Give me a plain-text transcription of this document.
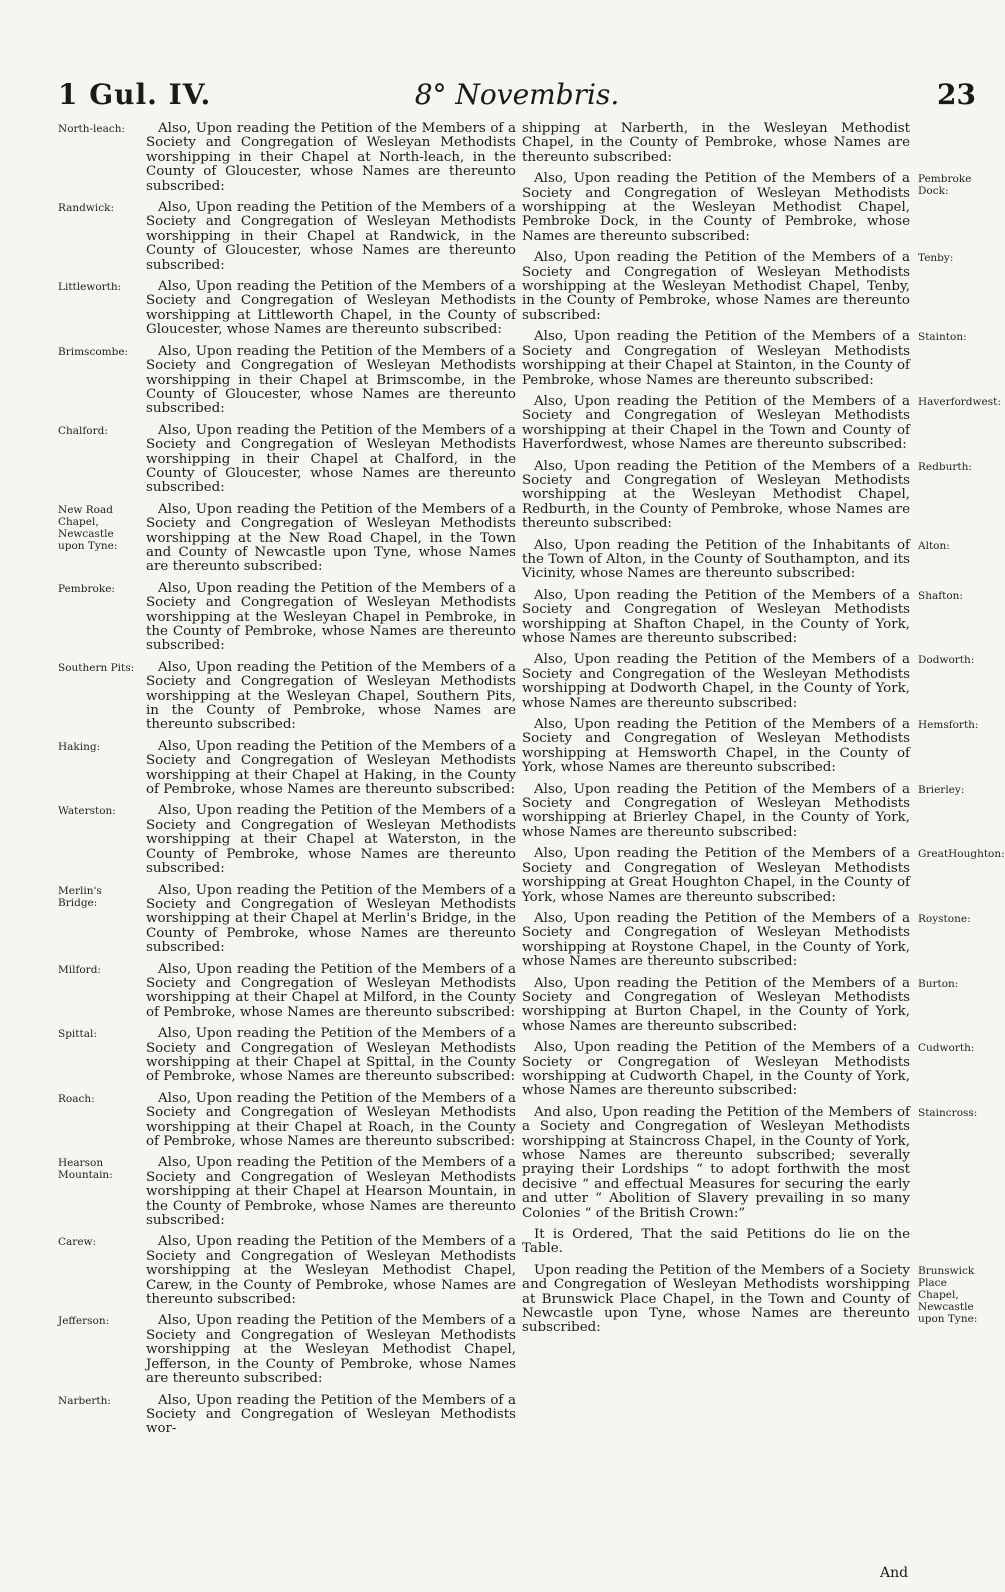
1 Gul. IV.	8° Novembris.	23
North-leach:	Also, Upon reading the Petition of the Members of a Society and Congregation of Wesleyan Methodists worshipping in their Chapel at North-leach, in the County of Gloucester, whose Names are thereunto subscribed:
Randwick:	Also, Upon reading the Petition of the Members of a Society and Congregation of Wesleyan Methodists worshipping in their Chapel at Randwick, in the County of Gloucester, whose Names are thereunto subscribed:
Littleworth:	Also, Upon reading the Petition of the Members of a Society and Congregation of Wesleyan Methodists worshipping at Littleworth Chapel, in the County of Gloucester, whose Names are thereunto subscribed:
Brimscombe:	Also, Upon reading the Petition of the Members of a Society and Congregation of Wesleyan Methodists worshipping in their Chapel at Brimscombe, in the County of Gloucester, whose Names are thereunto subscribed:
Chalford:	Also, Upon reading the Petition of the Members of a Society and Congregation of Wesleyan Methodists worshipping in their Chapel at Chalford, in the County of Gloucester, whose Names are thereunto subscribed:
New Road Chapel, Newcastle upon Tyne:
Also, Upon reading the Petition of the Members of a Society and Congregation of Wesleyan Methodists worshipping at the New Road Chapel, in the Town and County of Newcastle upon Tyne, whose Names are thereunto subscribed:
Pembroke:	Also, Upon reading the Petition of the Members of a Society and Congregation of Wesleyan Methodists worshipping at the Wesleyan Chapel in Pembroke, in the County of Pembroke, whose Names are thereunto subscribed:
Southern Pits:	Also, Upon reading the Petition of the Members of a Society and Congregation of Wesleyan Methodists worshipping at the Wesleyan Chapel, Southern Pits, in the County of Pembroke, whose Names are thereunto subscribed:
Haking:	Also, Upon reading the Petition of the Members of a Society and Congregation of Wesleyan Methodists worshipping at their Chapel at Haking, in the County of Pembroke, whose Names are thereunto subscribed:
Waterston:	Also, Upon reading the Petition of the Members of a Society and Congregation of Wesleyan Methodists worshipping at their Chapel at Waterston, in the County of Pembroke, whose Names are thereunto subscribed:
Merlin's Bridge:
Also, Upon reading the Petition of the Members of a Society and Congregation of Wesleyan Methodists worshipping at their Chapel at Merlin's Bridge, in the County of Pembroke, whose Names are thereunto subscribed:
Milford:	Also, Upon reading the Petition of the Members of a Society and Congregation of Wesleyan Methodists worshipping at their Chapel at Milford, in the County of Pembroke, whose Names are thereunto subscribed:
Spittal:	Also, Upon reading the Petition of the Members of a Society and Congregation of Wesleyan Methodists worshipping at their Chapel at Spittal, in the County of Pembroke, whose Names are thereunto subscribed:
Roach:	Also, Upon reading the Petition of the Members of a Society and Congregation of Wesleyan Methodists worshipping at their Chapel at Roach, in the County of Pembroke, whose Names are thereunto subscribed:
Hearson Mountain:
Also, Upon reading the Petition of the Members of a Society and Congregation of Wesleyan Methodists worshipping at their Chapel at Hearson Mountain, in the County of Pembroke, whose Names are thereunto subscribed:
Carew:	Also, Upon reading the Petition of the Members of a Society and Congregation of Wesleyan Methodists worshipping at the Wesleyan Methodist Chapel, Carew, in the County of Pembroke, whose Names are thereunto subscribed:
Jefferson:	Also, Upon reading the Petition of the Members of a Society and Congregation of Wesleyan Methodists worshipping at the Wesleyan Methodist Chapel, Jefferson, in the County of Pembroke, whose Names are thereunto subscribed:
Narberth:	Also, Upon reading the Petition of the Members of a Society and Congregation of Wesleyan Methodists wor-
shipping at Narberth, in the Wesleyan Methodist Chapel, in the County of Pembroke, whose Names are thereunto subscribed:
Pembroke Dock:
Also, Upon reading the Petition of the Members of a Society and Congregation of Wesleyan Methodists worshipping at the Wesleyan Methodist Chapel, Pembroke Dock, in the County of Pembroke, whose Names are thereunto subscribed:
Tenby:
Also, Upon reading the Petition of the Members of a Society and Congregation of Wesleyan Methodists worshipping at the Wesleyan Methodist Chapel, Tenby, in the County of Pembroke, whose Names are thereunto subscribed:
Stainton:
Also, Upon reading the Petition of the Members of a Society and Congregation of Wesleyan Methodists worshipping at their Chapel at Stainton, in the County of Pembroke, whose Names are thereunto subscribed:
Haverfordwest:
Also, Upon reading the Petition of the Members of a Society and Congregation of Wesleyan Methodists worshipping at their Chapel in the Town and County of Haverfordwest, whose Names are thereunto subscribed:
Redburth:
Also, Upon reading the Petition of the Members of a Society and Congregation of Wesleyan Methodists worshipping at the Wesleyan Methodist Chapel, Redburth, in the County of Pembroke, whose Names are thereunto subscribed:
Alton:
Also, Upon reading the Petition of the Inhabitants of the Town of Alton, in the County of Southampton, and its Vicinity, whose Names are thereunto subscribed:
Shafton:
Also, Upon reading the Petition of the Members of a Society and Congregation of Wesleyan Methodists worshipping at Shafton Chapel, in the County of York, whose Names are thereunto subscribed:
Dodworth:
Also, Upon reading the Petition of the Members of a Society and Congregation of the Wesleyan Methodists worshipping at Dodworth Chapel, in the County of York, whose Names are thereunto subscribed:
Hemsforth:
Also, Upon reading the Petition of the Members of a Society and Congregation of Wesleyan Methodists worshipping at Hemsworth Chapel, in the County of York, whose Names are thereunto subscribed:
Brierley:
Also, Upon reading the Petition of the Members of a Society and Congregation of Wesleyan Methodists worshipping at Brierley Chapel, in the County of York, whose Names are thereunto subscribed:
GreatHoughton:
Also, Upon reading the Petition of the Members of a Society and Congregation of Wesleyan Methodists worshipping at Great Houghton Chapel, in the County of York, whose Names are thereunto subscribed:
Roystone:
Also, Upon reading the Petition of the Members of a Society and Congregation of Wesleyan Methodists worshipping at Roystone Chapel, in the County of York, whose Names are thereunto subscribed:
Burton:
Also, Upon reading the Petition of the Members of a Society and Congregation of Wesleyan Methodists worshipping at Burton Chapel, in the County of York, whose Names are thereunto subscribed:
Cudworth:
Also, Upon reading the Petition of the Members of a Society or Congregation of Wesleyan Methodists worshipping at Cudworth Chapel, in the County of York, whose Names are thereunto subscribed:
Staincross:
And also, Upon reading the Petition of the Members of a Society and Congregation of Wesleyan Methodists worshipping at Staincross Chapel, in the County of York, whose Names are thereunto subscribed; severally praying their Lordships “ to adopt forthwith the most decisive “ and effectual Measures for securing the early and utter “ Abolition of Slavery prevailing in so many Colonies “ of the British Crown:”
It is Ordered, That the said Petitions do lie on the Table.
Brunswick Place Chapel, Newcastle upon Tyne:
Upon reading the Petition of the Members of a Society and Congregation of Wesleyan Methodists worshipping at Brunswick Place Chapel, in the Town and County of Newcastle upon Tyne, whose Names are thereunto subscribed:
And
